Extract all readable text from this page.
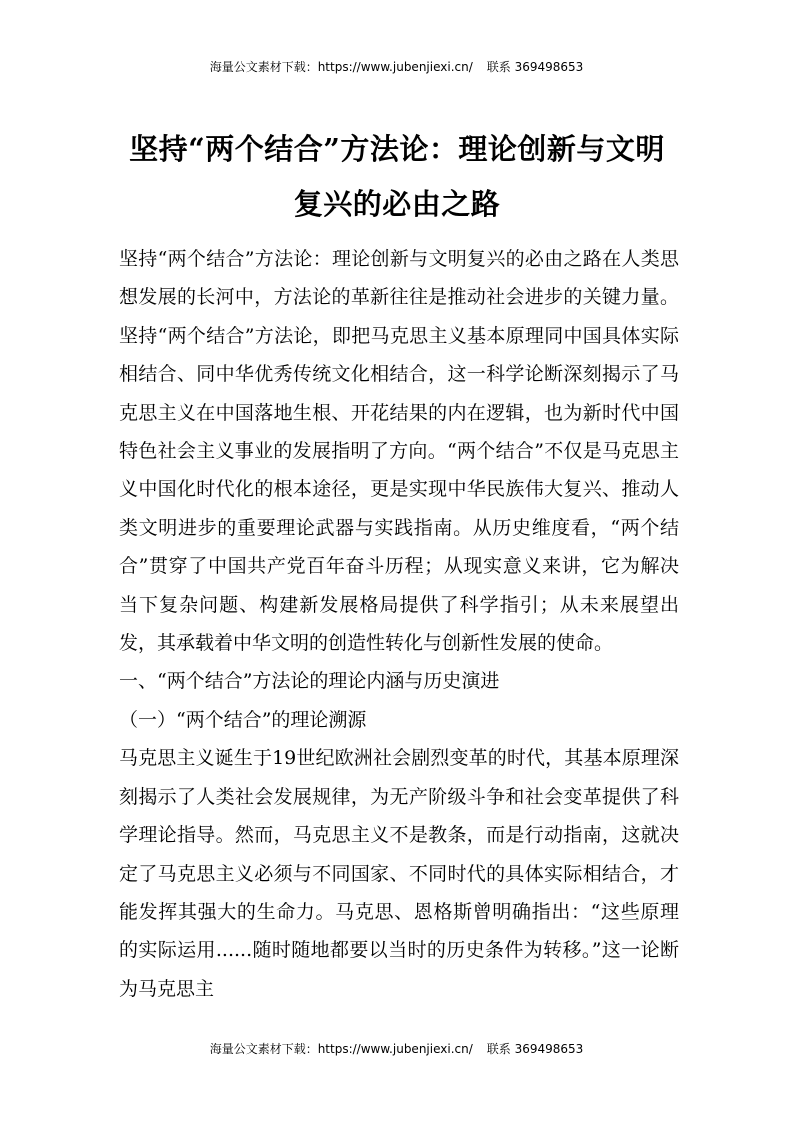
海量公文素材下载：https://www.jubenjiexi.cn/ 联系 369498653
坚持“两个结合”方法论：理论创新与文明复兴的必由之路

坚持“两个结合”方法论：理论创新与文明复兴的必由之路在人类思想发展的长河中，方法论的革新往往是推动社会进步的关键力量。坚持“两个结合”方法论，即把马克思主义基本原理同中国具体实际相结合、同中华优秀传统文化相结合，这一科学论断深刻揭示了马克思主义在中国落地生根、开花结果的内在逻辑，也为新时代中国特色社会主义事业的发展指明了方向。“两个结合”不仅是马克思主义中国化时代化的根本途径，更是实现中华民族伟大复兴、推动人类文明进步的重要理论武器与实践指南。从历史维度看，“两个结合”贯穿了中国共产党百年奋斗历程；从现实意义来讲，它为解决当下复杂问题、构建新发展格局提供了科学指引；从未来展望出发，其承载着中华文明的创造性转化与创新性发展的使命。

一、“两个结合”方法论的理论内涵与历史演进

（一）“两个结合”的理论溯源

马克思主义诞生于19世纪欧洲社会剧烈变革的时代，其基本原理深刻揭示了人类社会发展规律，为无产阶级斗争和社会变革提供了科学理论指导。然而，马克思主义不是教条，而是行动指南，这就决定了马克思主义必须与不同国家、不同时代的具体实际相结合，才能发挥其强大的生命力。马克思、恩格斯曾明确指出：“这些原理的实际运用......随时随地都要以当时的历史条件为转移。”这一论断为马克思主

海量公文素材下载：https://www.jubenjiexi.cn/ 联系 369498653
